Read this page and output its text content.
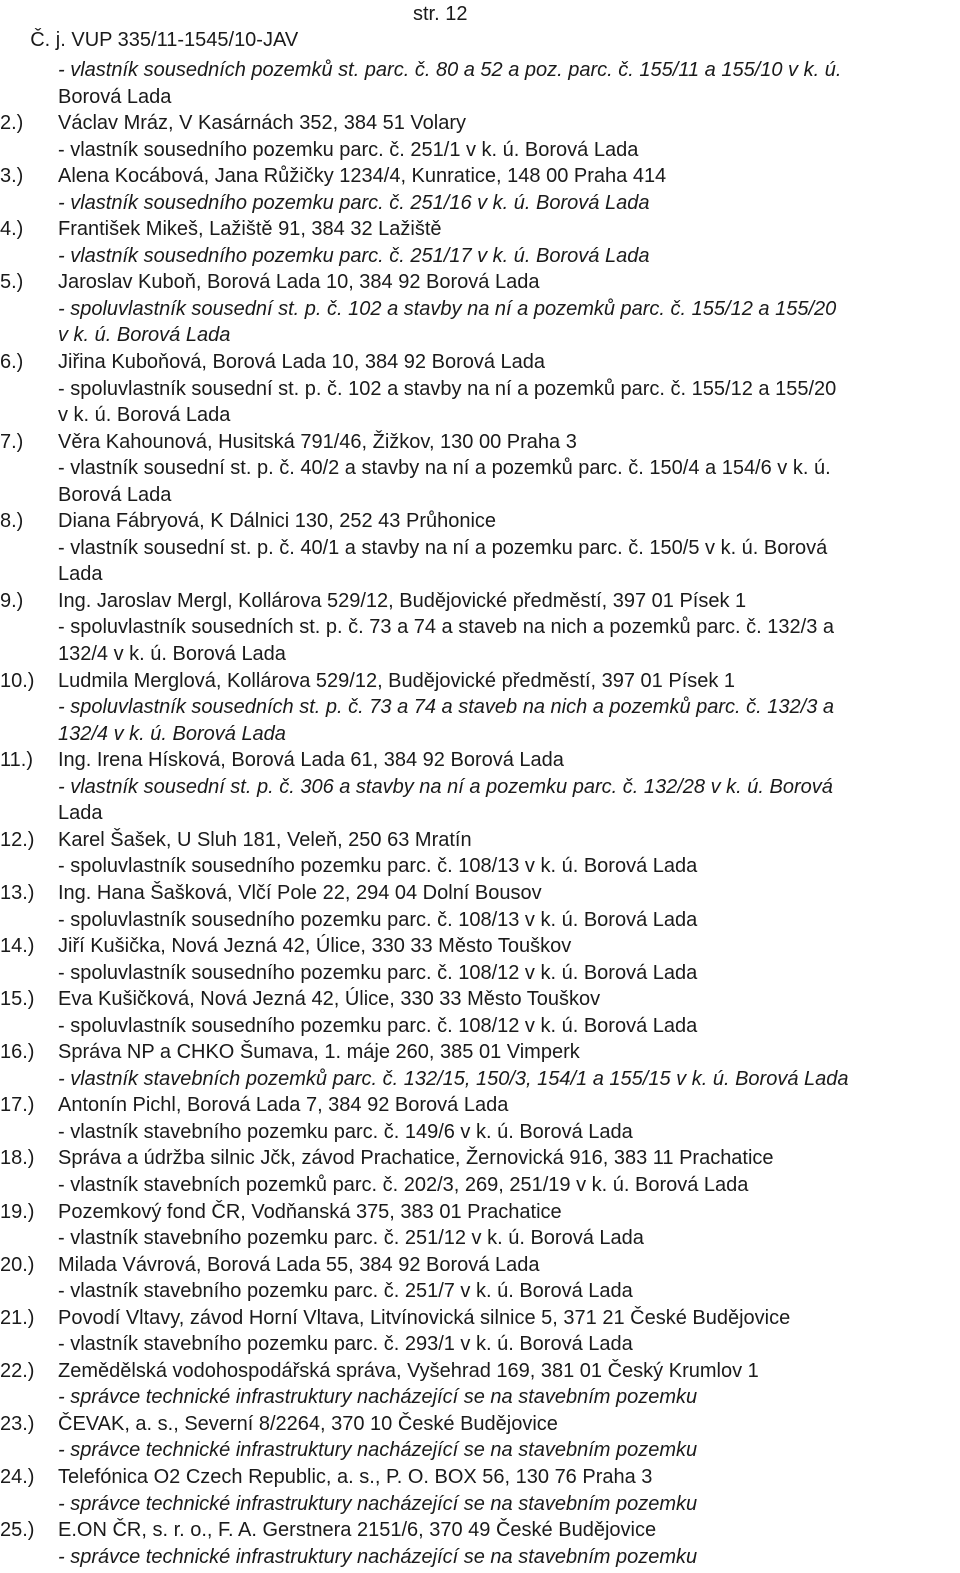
Č. j. VUP 335/11-1545/10-JAV

str. 12

- vlastník sousedních pozemků st. parc. č. 80 a 52 a poz. parc. č. 155/11 a 155/10 v k. ú.
Borová Lada
2.) Václav Mráz, V Kasárnách 352, 384 51 Volary
- vlastník sousedního pozemku parc. č. 251/1 v k. ú. Borová Lada
3.) Alena Kocábová, Jana Růžičky 1234/4, Kunratice, 148 00 Praha 414
- vlastník sousedního pozemku parc. č. 251/16 v k. ú. Borová Lada
4.) František Mikeš, Lažiště 91, 384 32 Lažiště
- vlastník sousedního pozemku parc. č. 251/17 v k. ú. Borová Lada
5.) Jaroslav Kuboň, Borová Lada 10, 384 92 Borová Lada
- spoluvlastník sousední st. p. č. 102 a stavby na ní a pozemků parc. č. 155/12 a 155/20
v k. ú. Borová Lada
6.) Jiřina Kuboňová, Borová Lada 10, 384 92 Borová Lada
- spoluvlastník sousední st. p. č. 102 a stavby na ní a pozemků parc. č. 155/12 a 155/20
v k. ú. Borová Lada
7.) Věra Kahounová, Husitská 791/46, Žižkov, 130 00 Praha 3
- vlastník sousední st. p. č. 40/2 a stavby na ní a pozemků parc. č. 150/4 a 154/6 v k. ú.
Borová Lada
8.) Diana Fábryová, K Dálnici 130, 252 43 Průhonice
- vlastník sousední st. p. č. 40/1 a stavby na ní a pozemku parc. č. 150/5 v k. ú. Borová
Lada
9.) Ing. Jaroslav Mergl, Kollárova 529/12, Budějovické předměstí, 397 01 Písek 1
- spoluvlastník sousedních st. p. č. 73 a 74 a staveb na nich a pozemků parc. č. 132/3 a
132/4 v k. ú. Borová Lada
10.) Ludmila Merglová, Kollárova 529/12, Budějovické předměstí, 397 01 Písek 1
- spoluvlastník sousedních st. p. č. 73 a 74 a staveb na nich a pozemků parc. č. 132/3 a
132/4 v k. ú. Borová Lada
11.) Ing. Irena Hísková, Borová Lada 61, 384 92 Borová Lada
- vlastník sousední st. p. č. 306 a stavby na ní a pozemku parc. č. 132/28 v k. ú. Borová
Lada
12.) Karel Šašek, U Sluh 181, Veleň, 250 63 Mratín
- spoluvlastník sousedního pozemku parc. č. 108/13 v k. ú. Borová Lada
13.) Ing. Hana Šašková, Vlčí Pole 22, 294 04 Dolní Bousov
- spoluvlastník sousedního pozemku parc. č. 108/13 v k. ú. Borová Lada
14.) Jiří Kušička, Nová Jezná 42, Úlice, 330 33 Město Touškov
- spoluvlastník sousedního pozemku parc. č. 108/12 v k. ú. Borová Lada
15.) Eva Kušičková, Nová Jezná 42, Úlice, 330 33 Město Touškov
- spoluvlastník sousedního pozemku parc. č. 108/12 v k. ú. Borová Lada
16.) Správa NP a CHKO Šumava, 1. máje 260, 385 01 Vimperk
- vlastník stavebních pozemků parc. č. 132/15, 150/3, 154/1 a 155/15 v k. ú. Borová Lada
17.) Antonín Pichl, Borová Lada 7, 384 92 Borová Lada
- vlastník stavebního pozemku parc. č. 149/6 v k. ú. Borová Lada
18.) Správa a údržba silnic Jčk, závod Prachatice, Žernovická 916, 383 11 Prachatice
- vlastník stavebních pozemků parc. č. 202/3, 269, 251/19 v k. ú. Borová Lada
19.) Pozemkový fond ČR, Vodňanská 375, 383 01 Prachatice
- vlastník stavebního pozemku parc. č. 251/12 v k. ú. Borová Lada
20.) Milada Vávrová, Borová Lada 55, 384 92 Borová Lada
- vlastník stavebního pozemku parc. č. 251/7 v k. ú. Borová Lada
21.) Povodí Vltavy, závod Horní Vltava, Litvínovická silnice 5, 371 21 České Budějovice
- vlastník stavebního pozemku parc. č. 293/1 v k. ú. Borová Lada
22.) Zemědělská vodohospodářská správa, Vyšehrad 169, 381 01 Český Krumlov 1
- správce technické infrastruktury nacházející se na stavebním pozemku
23.) ČEVAK, a. s., Severní 8/2264, 370 10 České Budějovice
- správce technické infrastruktury nacházející se na stavebním pozemku
24.) Telefónica O2 Czech Republic, a. s., P. O. BOX 56, 130 76 Praha 3
- správce technické infrastruktury nacházející se na stavebním pozemku
25.) E.ON ČR, s. r. o., F. A. Gerstnera 2151/6, 370 49 České Budějovice
- správce technické infrastruktury nacházející se na stavebním pozemku
